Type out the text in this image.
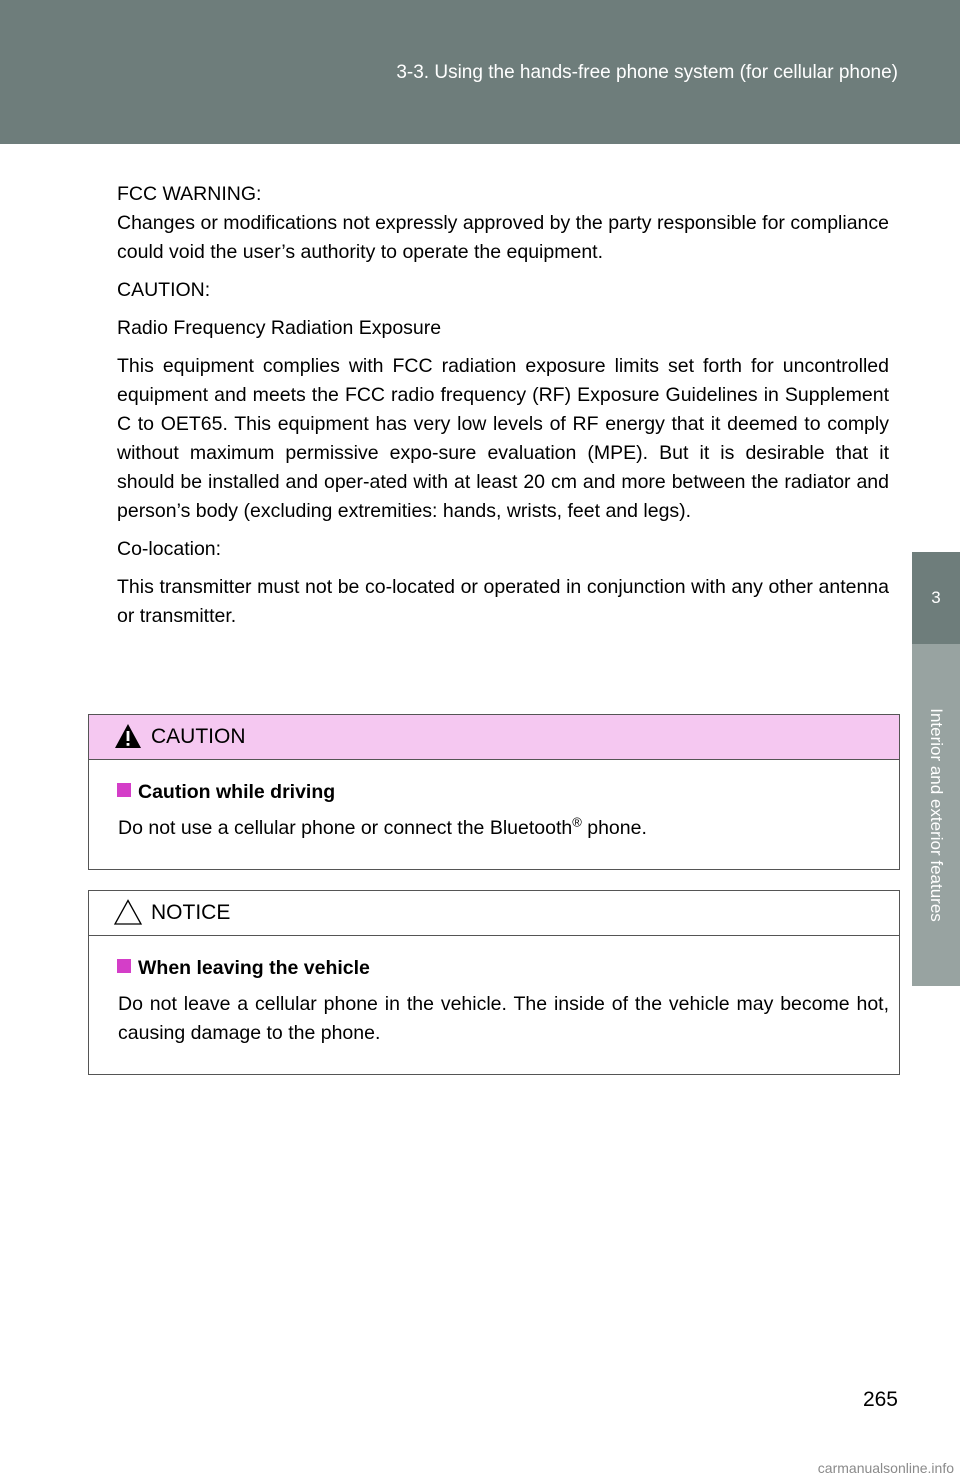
3-3. Using the hands-free phone system (for cellular phone)
3
Interior and exterior features

FCC WARNING:

Changes or modifications not expressly approved by the party responsible for compliance could void the user’s authority to operate the equipment.

CAUTION:

Radio Frequency Radiation Exposure

This equipment complies with FCC radiation exposure limits set forth for uncontrolled equipment and meets the FCC radio frequency (RF) Exposure Guidelines in Supplement C to OET65. This equipment has very low levels of RF energy that it deemed to comply without maximum permissive expo-sure evaluation (MPE). But it is desirable that it should be installed and oper-ated with at least 20 cm and more between the radiator and person’s body (excluding extremities: hands, wrists, feet and legs).

Co-location:

This transmitter must not be co-located or operated in conjunction with any other antenna or transmitter.

CAUTION
Caution while driving
Do not use a cellular phone or connect the Bluetooth® phone.
NOTICE
When leaving the vehicle
Do not leave a cellular phone in the vehicle. The inside of the vehicle may become hot, causing damage to the phone.
265
carmanualsonline.info
